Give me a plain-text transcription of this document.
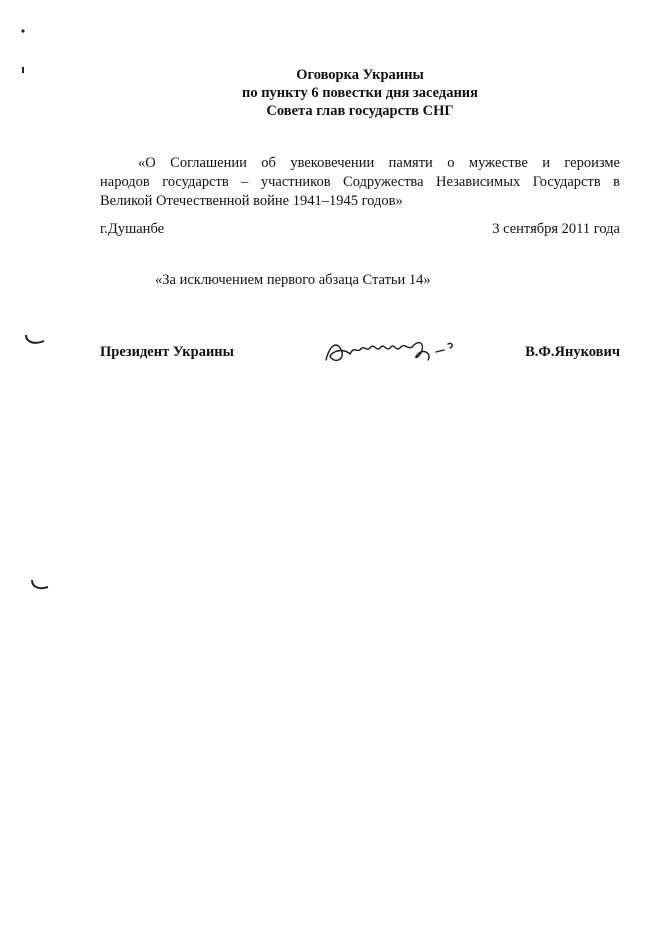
Оговорка Украины
по пункту 6 повестки дня заседания
Совета глав государств СНГ
«О Соглашении об увековечении памяти о мужестве и героизме
народов государств – участников Содружества Независимых Государств в
Великой Отечественной войне 1941–1945 годов»
г.Душанбе	3 сентября 2011 года
«За исключением первого абзаца Статьи 14»
Президент Украины	В.Ф.Янукович
